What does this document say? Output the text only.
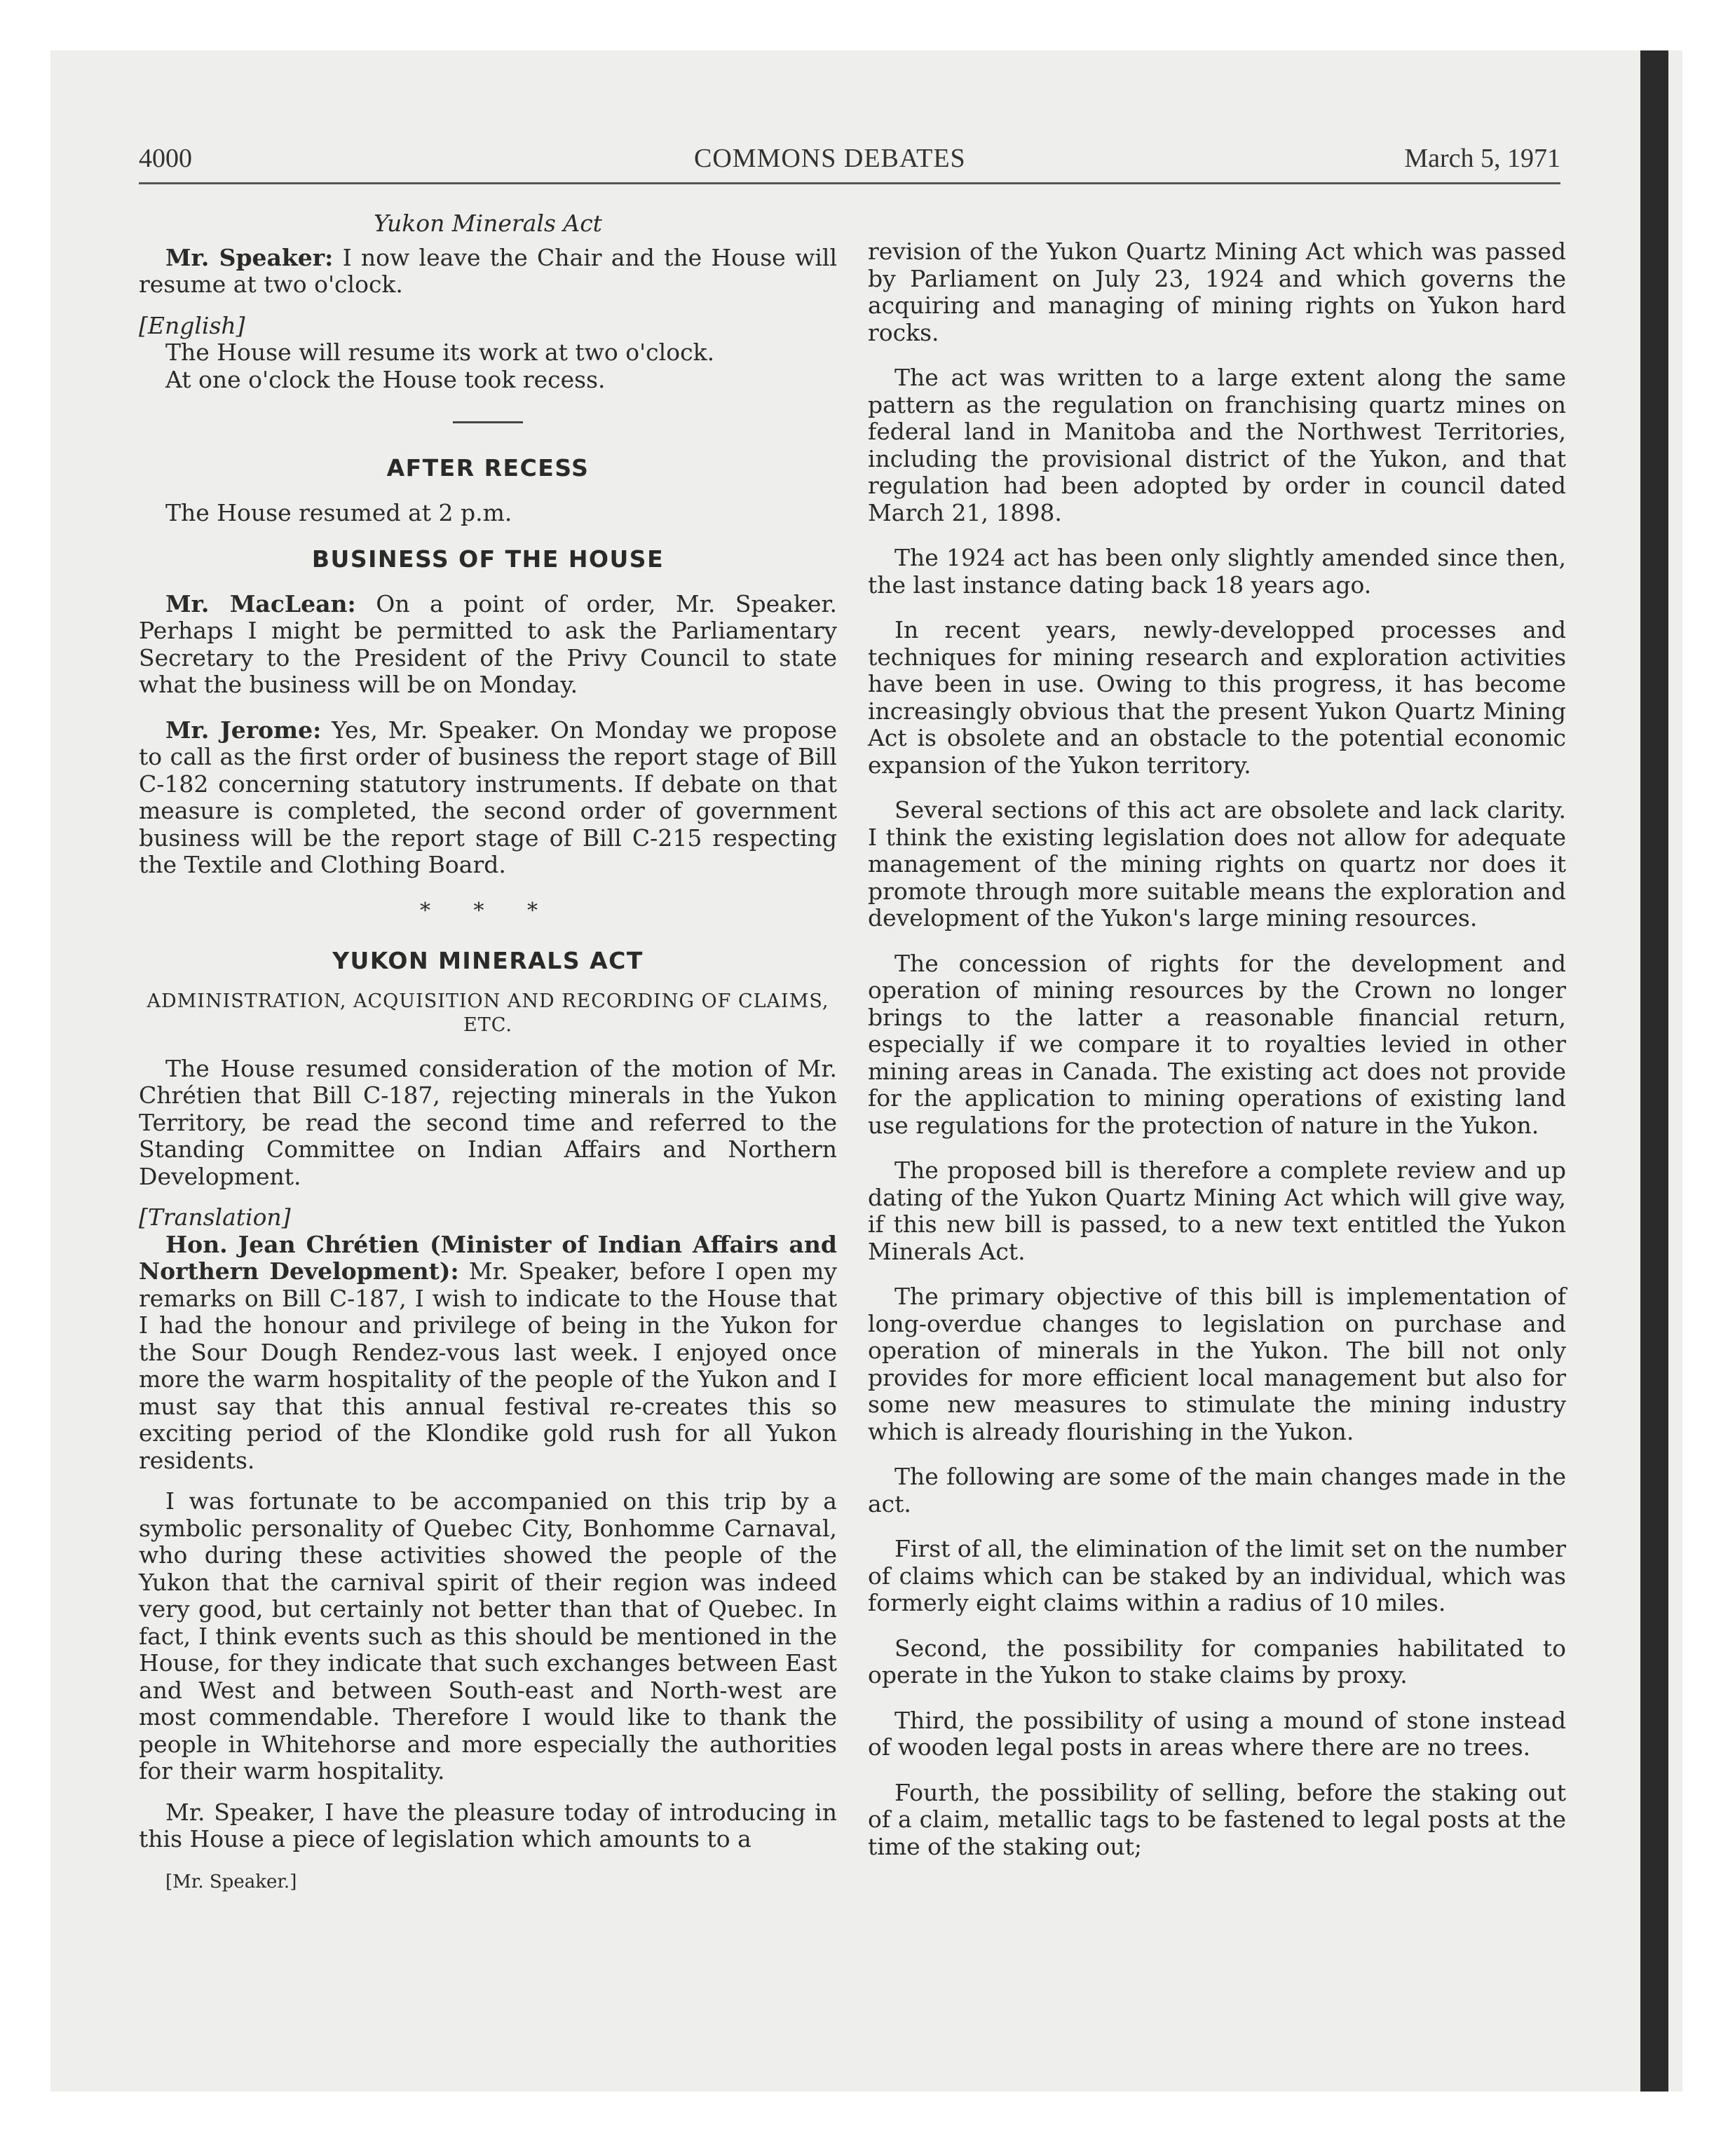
4000	COMMONS DEBATES	March 5, 1971

Yukon Minerals Act

Mr. Speaker: I now leave the Chair and the House will resume at two o'clock.

[English]

The House will resume its work at two o'clock.

At one o'clock the House took recess.

AFTER RECESS

The House resumed at 2 p.m.

BUSINESS OF THE HOUSE

Mr. MacLean: On a point of order, Mr. Speaker. Perhaps I might be permitted to ask the Parliamentary Secretary to the President of the Privy Council to state what the business will be on Monday.

Mr. Jerome: Yes, Mr. Speaker. On Monday we propose to call as the first order of business the report stage of Bill C-182 concerning statutory instruments. If debate on that measure is completed, the second order of government business will be the report stage of Bill C-215 respecting the Textile and Clothing Board.

* * *
YUKON MINERALS ACT
ADMINISTRATION, ACQUISITION AND RECORDING OF CLAIMS, ETC.

The House resumed consideration of the motion of Mr. Chrétien that Bill C-187, rejecting minerals in the Yukon Territory, be read the second time and referred to the Standing Committee on Indian Affairs and Northern Development.

[Translation]

Hon. Jean Chrétien (Minister of Indian Affairs and Northern Development): Mr. Speaker, before I open my remarks on Bill C-187, I wish to indicate to the House that I had the honour and privilege of being in the Yukon for the Sour Dough Rendez-vous last week. I enjoyed once more the warm hospitality of the people of the Yukon and I must say that this annual festival re-creates this so exciting period of the Klondike gold rush for all Yukon residents.

I was fortunate to be accompanied on this trip by a symbolic personality of Quebec City, Bonhomme Carnaval, who during these activities showed the people of the Yukon that the carnival spirit of their region was indeed very good, but certainly not better than that of Quebec. In fact, I think events such as this should be mentioned in the House, for they indicate that such exchanges between East and West and between South-east and North-west are most commendable. Therefore I would like to thank the people in Whitehorse and more especially the authorities for their warm hospitality.

Mr. Speaker, I have the pleasure today of introducing in this House a piece of legislation which amounts to a

[Mr. Speaker.]

revision of the Yukon Quartz Mining Act which was passed by Parliament on July 23, 1924 and which governs the acquiring and managing of mining rights on Yukon hard rocks.

The act was written to a large extent along the same pattern as the regulation on franchising quartz mines on federal land in Manitoba and the Northwest Territories, including the provisional district of the Yukon, and that regulation had been adopted by order in council dated March 21, 1898.

The 1924 act has been only slightly amended since then, the last instance dating back 18 years ago.

In recent years, newly-developped processes and techniques for mining research and exploration activities have been in use. Owing to this progress, it has become increasingly obvious that the present Yukon Quartz Mining Act is obsolete and an obstacle to the potential economic expansion of the Yukon territory.

Several sections of this act are obsolete and lack clarity. I think the existing legislation does not allow for adequate management of the mining rights on quartz nor does it promote through more suitable means the exploration and development of the Yukon's large mining resources.

The concession of rights for the development and operation of mining resources by the Crown no longer brings to the latter a reasonable financial return, especially if we compare it to royalties levied in other mining areas in Canada. The existing act does not provide for the application to mining operations of existing land use regulations for the protection of nature in the Yukon.

The proposed bill is therefore a complete review and up dating of the Yukon Quartz Mining Act which will give way, if this new bill is passed, to a new text entitled the Yukon Minerals Act.

The primary objective of this bill is implementation of long-overdue changes to legislation on purchase and operation of minerals in the Yukon. The bill not only provides for more efficient local management but also for some new measures to stimulate the mining industry which is already flourishing in the Yukon.

The following are some of the main changes made in the act.

First of all, the elimination of the limit set on the number of claims which can be staked by an individual, which was formerly eight claims within a radius of 10 miles.

Second, the possibility for companies habilitated to operate in the Yukon to stake claims by proxy.

Third, the possibility of using a mound of stone instead of wooden legal posts in areas where there are no trees.

Fourth, the possibility of selling, before the staking out of a claim, metallic tags to be fastened to legal posts at the time of the staking out;
